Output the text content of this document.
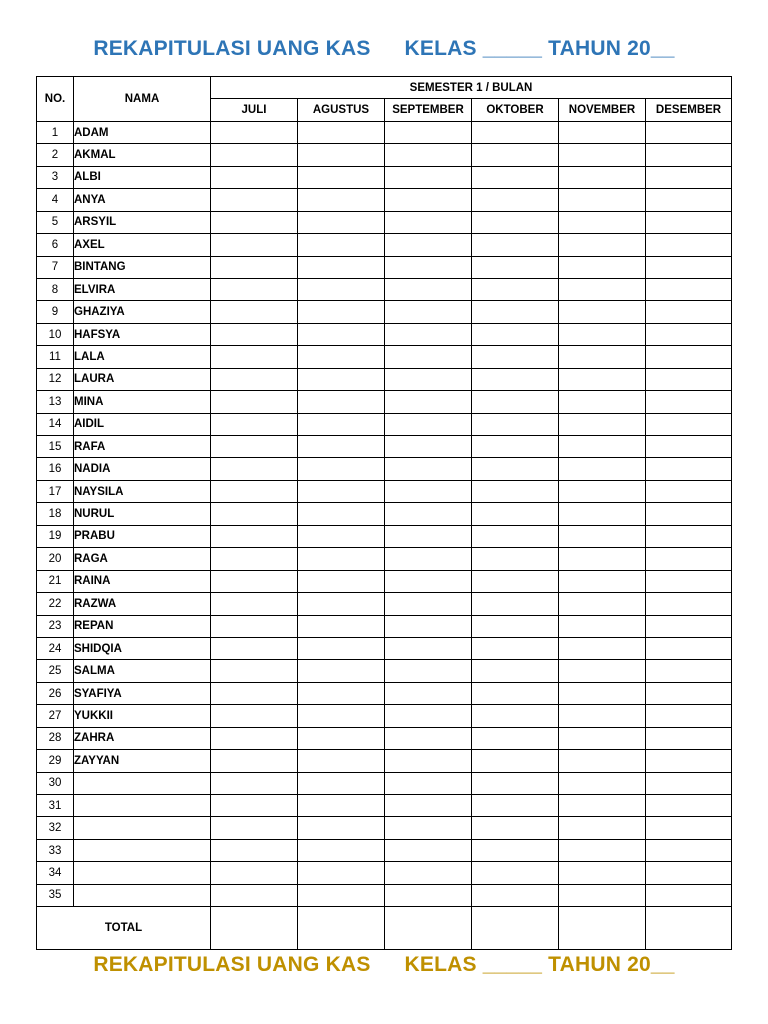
REKAPITULASI UANG KAS KELAS _____ TAHUN 20__
NO.	NAMA	SEMESTER 1 / BULAN					
		JULI	AGUSTUS	SEPTEMBER	OKTOBER	NOVEMBER	DESEMBER
1	ADAM						
2	AKMAL						
3	ALBI						
4	ANYA						
5	ARSYIL						
6	AXEL						
7	BINTANG						
8	ELVIRA						
9	GHAZIYA						
10	HAFSYA						
11	LALA						
12	LAURA						
13	MINA						
14	AIDIL						
15	RAFA						
16	NADIA						
17	NAYSILA						
18	NURUL						
19	PRABU						
20	RAGA						
21	RAINA						
22	RAZWA						
23	REPAN						
24	SHIDQIA						
25	SALMA						
26	SYAFIYA						
27	YUKKII						
28	ZAHRA						
29	ZAYYAN						
30							
31							
32							
33							
34							
35							
TOTAL							
REKAPITULASI UANG KAS KELAS _____ TAHUN 20__
